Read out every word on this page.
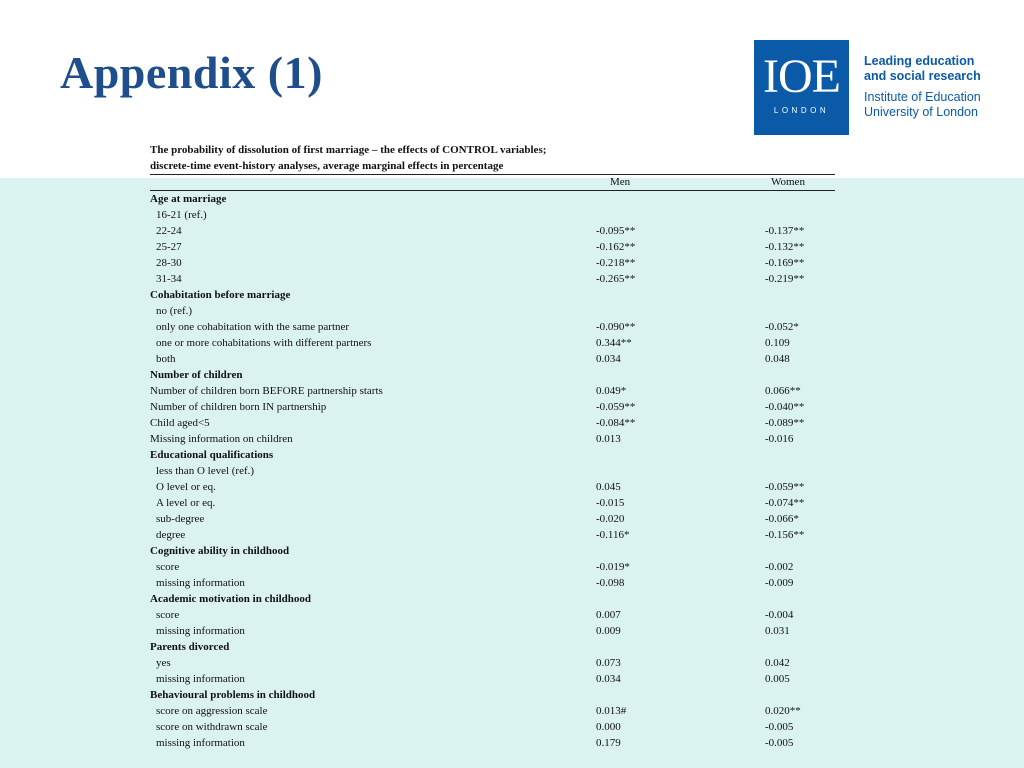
Appendix (1)	IOE
LONDON
Leading education
and social research
Institute of Education
University of London
The probability of dissolution of first marriage – the effects of CONTROL variables;
discrete-time event-history analyses, average marginal effects in percentage
Men	Women
Age at marriage
16-21 (ref.)
22-24	-0.095**	-0.137**
25-27	-0.162**	-0.132**
28-30	-0.218**	-0.169**
31-34	-0.265**	-0.219**
Cohabitation before marriage
no (ref.)
only one cohabitation with the same partner	-0.090**	-0.052*
one or more cohabitations with different partners	0.344**	0.109
both	0.034	0.048
Number of children
Number of children born BEFORE partnership starts	0.049*	0.066**
Number of children born IN partnership	-0.059**	-0.040**
Child aged<5	-0.084**	-0.089**
Missing information on children	0.013	-0.016
Educational qualifications
less than O level (ref.)
O level or eq.	0.045	-0.059**
A level or eq.	-0.015	-0.074**
sub-degree	-0.020	-0.066*
degree	-0.116*	-0.156**
Cognitive ability in childhood
score	-0.019*	-0.002
missing information	-0.098	-0.009
Academic motivation in childhood
score	0.007	-0.004
missing information	0.009	0.031
Parents divorced
yes	0.073	0.042
missing information	0.034	0.005
Behavioural problems in childhood
score on aggression scale	0.013#	0.020**
score on withdrawn scale	0.000	-0.005
missing information	0.179	-0.005
